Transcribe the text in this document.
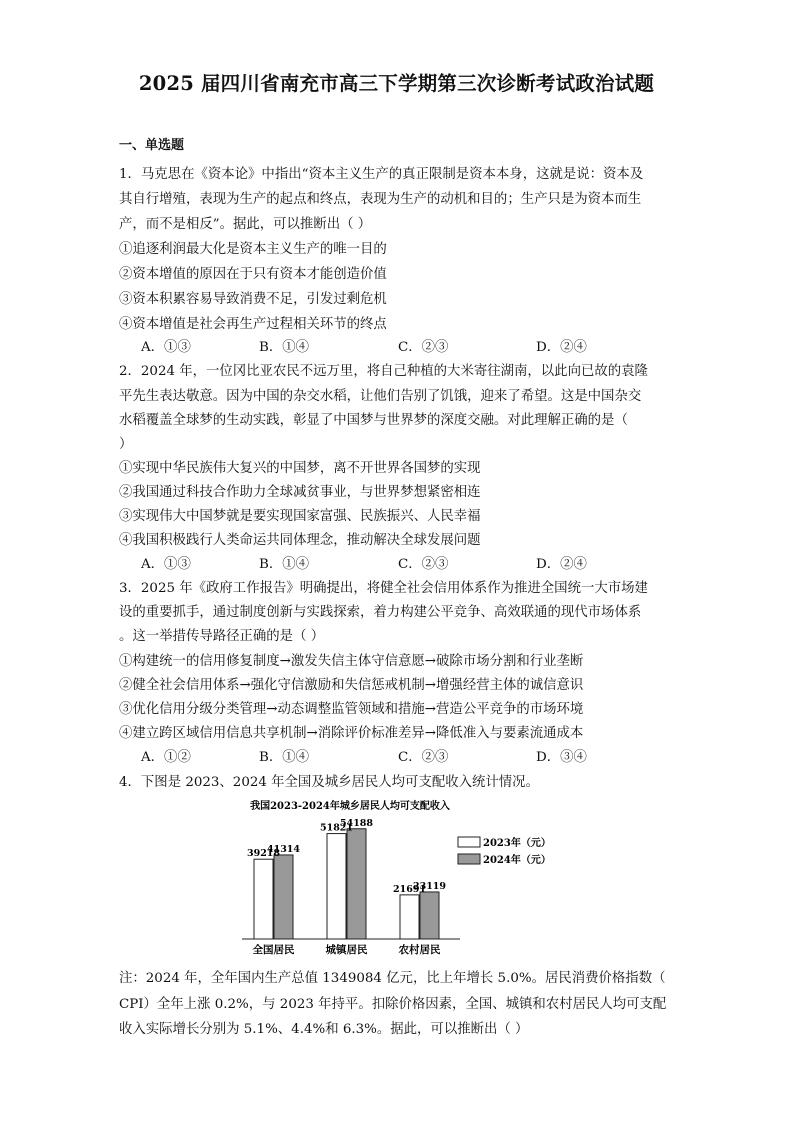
2025 届四川省南充市高三下学期第三次诊断考试政治试题
一、单选题
1．马克思在《资本论》中指出“资本主义生产的真正限制是资本本身，这就是说：资本及
其自行增殖，表现为生产的起点和终点，表现为生产的动机和目的；生产只是为资本而生
产，而不是相反”。据此，可以推断出（ ）
①追逐利润最大化是资本主义生产的唯一目的
②资本增值的原因在于只有资本才能创造价值
③资本积累容易导致消费不足，引发过剩危机
④资本增值是社会再生产过程相关环节的终点
A．①③	B．①④	C．②③	D．②④
2．2024 年，一位冈比亚农民不远万里，将自己种植的大米寄往湖南，以此向已故的袁隆
平先生表达敬意。因为中国的杂交水稻，让他们告别了饥饿，迎来了希望。这是中国杂交
水稻覆盖全球梦的生动实践，彰显了中国梦与世界梦的深度交融。对此理解正确的是（
）
①实现中华民族伟大复兴的中国梦，离不开世界各国梦的实现
②我国通过科技合作助力全球减贫事业，与世界梦想紧密相连
③实现伟大中国梦就是要实现国家富强、民族振兴、人民幸福
④我国积极践行人类命运共同体理念，推动解决全球发展问题
A．①③	B．①④	C．②③	D．②④
3．2025 年《政府工作报告》明确提出，将健全社会信用体系作为推进全国统一大市场建
设的重要抓手，通过制度创新与实践探索，着力构建公平竞争、高效联通的现代市场体系
。这一举措传导路径正确的是（ ）
①构建统一的信用修复制度→激发失信主体守信意愿→破除市场分割和行业垄断
②健全社会信用体系→强化守信激励和失信惩戒机制→增强经营主体的诚信意识
③优化信用分级分类管理→动态调整监管领域和措施→营造公平竞争的市场环境
④建立跨区域信用信息共享机制→消除评价标准差异→降低准入与要素流通成本
A．①②	B．①④	C．②③	D．③④
4．下图是 2023、2024 年全国及城乡居民人均可支配收入统计情况。
我国2023-2024年城乡居民人均可支配收入
39218
41314
全国居民
51821
54188
城镇居民
21691
23119
农村居民
2023年（元）
2024年（元）
注：2024 年，全年国内生产总值 1349084 亿元，比上年增长 5.0%。居民消费价格指数（
CPI）全年上涨 0.2%，与 2023 年持平。扣除价格因素，全国、城镇和农村居民人均可支配
收入实际增长分别为 5.1%、4.4%和 6.3%。据此，可以推断出（ ）
